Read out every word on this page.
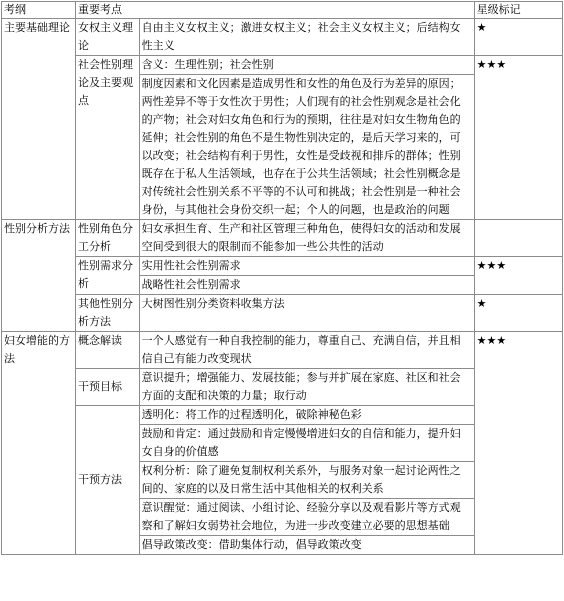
考纲	重要考点		星级标记
主要基础理论	女权主义理论	自由主义女权主义；激进女权主义；社会主义女权主义；后结构女性主义	★
	社会性别理论及主要观点	含义：生理性别；社会性别	★★★
		制度因素和文化因素是造成男性和女性的角色及行为差异的原因；两性差异不等于女性次于男性；人们现有的社会性别观念是社会化的产物；社会对妇女角色和行为的预期，往往是对妇女生物角色的延伸；社会性别的角色不是生物性别决定的，是后天学习来的，可以改变；社会结构有利于男性，女性是受歧视和排斥的群体；性别既存在于私人生活领域，也存在于公共生活领域；社会性别概念是对传统社会性别关系不平等的不认可和挑战；社会性别是一种社会身份，与其他社会身份交织一起；个人的问题，也是政治的问题	
性别分析方法	性别角色分工分析	妇女承担生育、生产和社区管理三种角色，使得妇女的活动和发展空间受到很大的限制而不能参加一些公共性的活动	
	性别需求分析	实用性社会性别需求	★★★
		战略性社会性别需求	
	其他性别分析方法	大树图性别分类资料收集方法	★
妇女增能的方法	概念解读	一个人感觉有一种自我控制的能力，尊重自己、充满自信，并且相信自己有能力改变现状	★★★
	干预目标	意识提升；增强能力、发展技能；参与并扩展在家庭、社区和社会方面的支配和决策的力量；取行动	
	干预方法	透明化：将工作的过程透明化，破除神秘色彩	
		鼓励和肯定：通过鼓励和肯定慢慢增进妇女的自信和能力，提升妇女自身的价值感	
		权利分析：除了避免复制权利关系外，与服务对象一起讨论两性之间的、家庭的以及日常生活中其他相关的权利关系	
		意识醒觉：通过阅读、小组讨论、经验分享以及观看影片等方式观察和了解妇女弱势社会地位，为进一步改变建立必要的思想基础	
		倡导政策改变：借助集体行动，倡导政策改变	
